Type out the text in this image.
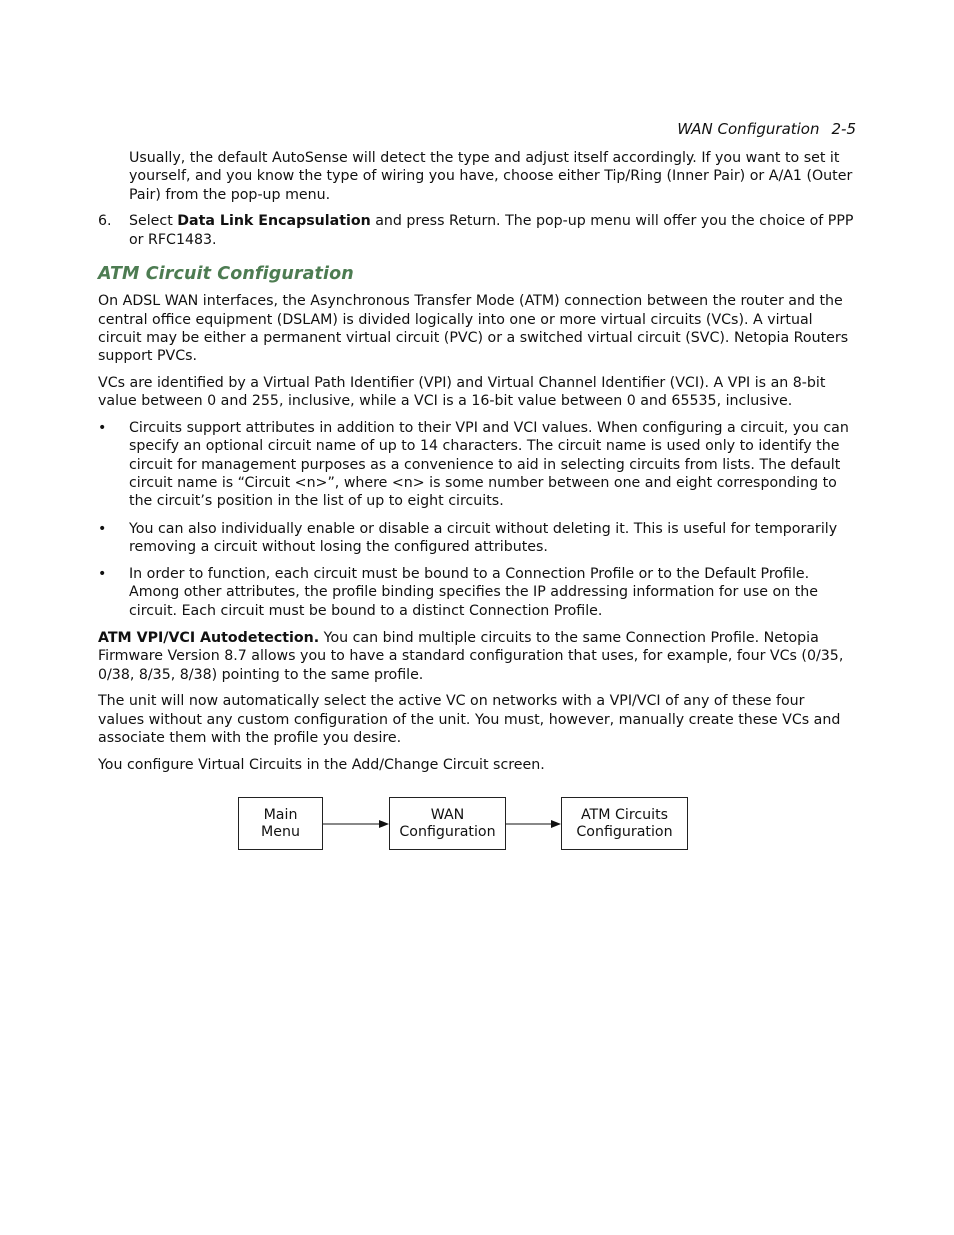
WAN Configuration 2-5

Usually, the default AutoSense will detect the type and adjust itself accordingly. If you want to set it yourself, and you know the type of wiring you have, choose either Tip/Ring (Inner Pair) or A/A1 (Outer Pair) from the pop-up menu.

6. Select Data Link Encapsulation and press Return. The pop-up menu will offer you the choice of PPP or RFC1483.

ATM Circuit Configuration

On ADSL WAN interfaces, the Asynchronous Transfer Mode (ATM) connection between the router and the central office equipment (DSLAM) is divided logically into one or more virtual circuits (VCs). A virtual circuit may be either a permanent virtual circuit (PVC) or a switched virtual circuit (SVC). Netopia Routers support PVCs.

VCs are identified by a Virtual Path Identifier (VPI) and Virtual Channel Identifier (VCI). A VPI is an 8-bit value between 0 and 255, inclusive, while a VCI is a 16-bit value between 0 and 65535, inclusive.

• Circuits support attributes in addition to their VPI and VCI values. When configuring a circuit, you can specify an optional circuit name of up to 14 characters. The circuit name is used only to identify the circuit for management purposes as a convenience to aid in selecting circuits from lists. The default circuit name is “Circuit <n>”, where <n> is some number between one and eight corresponding to the circuit’s position in the list of up to eight circuits.
• You can also individually enable or disable a circuit without deleting it. This is useful for temporarily removing a circuit without losing the configured attributes.
• In order to function, each circuit must be bound to a Connection Profile or to the Default Profile. Among other attributes, the profile binding specifies the IP addressing information for use on the circuit. Each circuit must be bound to a distinct Connection Profile.

ATM VPI/VCI Autodetection. You can bind multiple circuits to the same Connection Profile. Netopia Firmware Version 8.7 allows you to have a standard configuration that uses, for example, four VCs (0/35, 0/38, 8/35, 8/38) pointing to the same profile.

The unit will now automatically select the active VC on networks with a VPI/VCI of any of these four values without any custom configuration of the unit. You must, however, manually create these VCs and associate them with the profile you desire.

You configure Virtual Circuits in the Add/Change Circuit screen.

Main
Menu
WAN
Configuration
ATM Circuits
Configuration
